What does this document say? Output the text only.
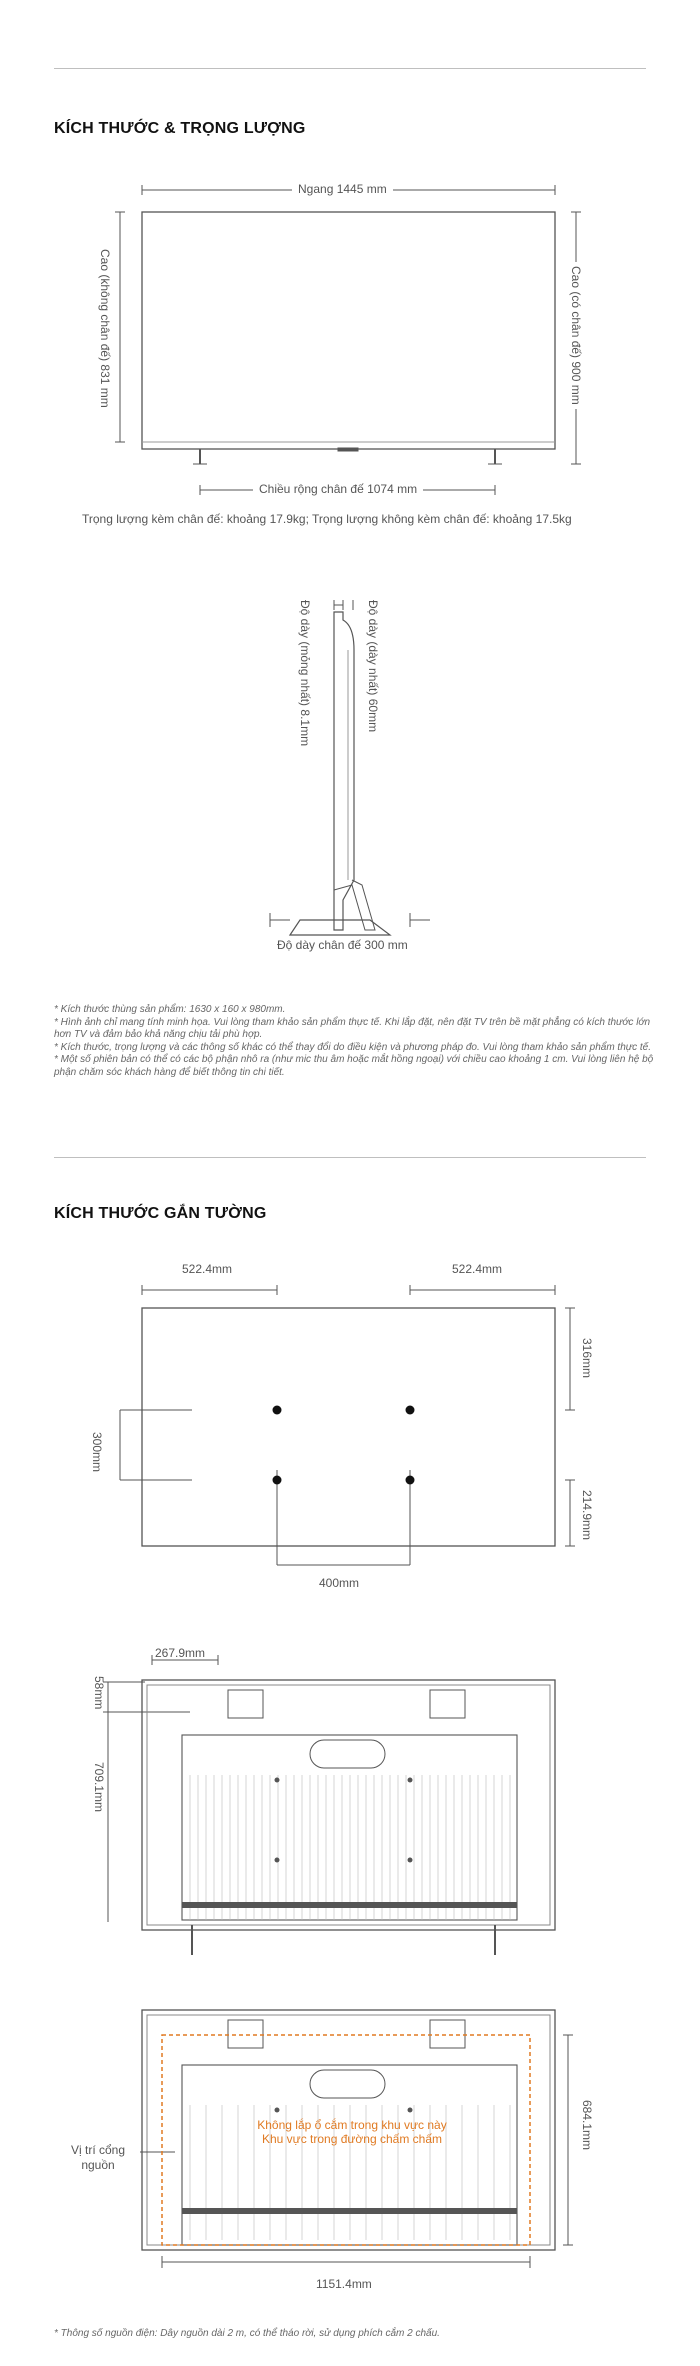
KÍCH THƯỚC & TRỌNG LƯỢNG
Ngang 1445 mm
Cao (không chân đế) 831 mm	Cao (có chân đế) 900 mm
Chiều rộng chân đế 1074 mm
Trọng lượng kèm chân đế: khoảng 17.9kg; Trọng lượng không kèm chân đế: khoảng 17.5kg
Độ dày (mỏng nhất) 8.1mm	Độ dày (dày nhất) 60mm
Độ dày chân đế 300 mm
* Kích thước thùng sản phẩm: 1630 x 160 x 980mm.
* Hình ảnh chỉ mang tính minh họa. Vui lòng tham khảo sản phẩm thực tế. Khi lắp đặt, nên đặt TV trên bề mặt phẳng có kích thước lớn hơn TV và đảm bảo khả năng chịu tải phù hợp.
* Kích thước, trọng lượng và các thông số khác có thể thay đổi do điều kiện và phương pháp đo. Vui lòng tham khảo sản phẩm thực tế.
* Một số phiên bản có thể có các bộ phận nhô ra (như mic thu âm hoặc mắt hồng ngoại) với chiều cao khoảng 1 cm. Vui lòng liên hệ bộ phận chăm sóc khách hàng để biết thông tin chi tiết.
KÍCH THƯỚC GẮN TƯỜNG
522.4mm	522.4mm
316mm
300mm
214.9mm
400mm
267.9mm
58mm
709.1mm
Không lắp ổ cắm trong khu vực này
Khu vực trong đường chấm chấm
Vị trí cổng nguồn
684.1mm
1151.4mm
* Thông số nguồn điện: Dây nguồn dài 2 m, có thể tháo rời, sử dụng phích cắm 2 chấu.
